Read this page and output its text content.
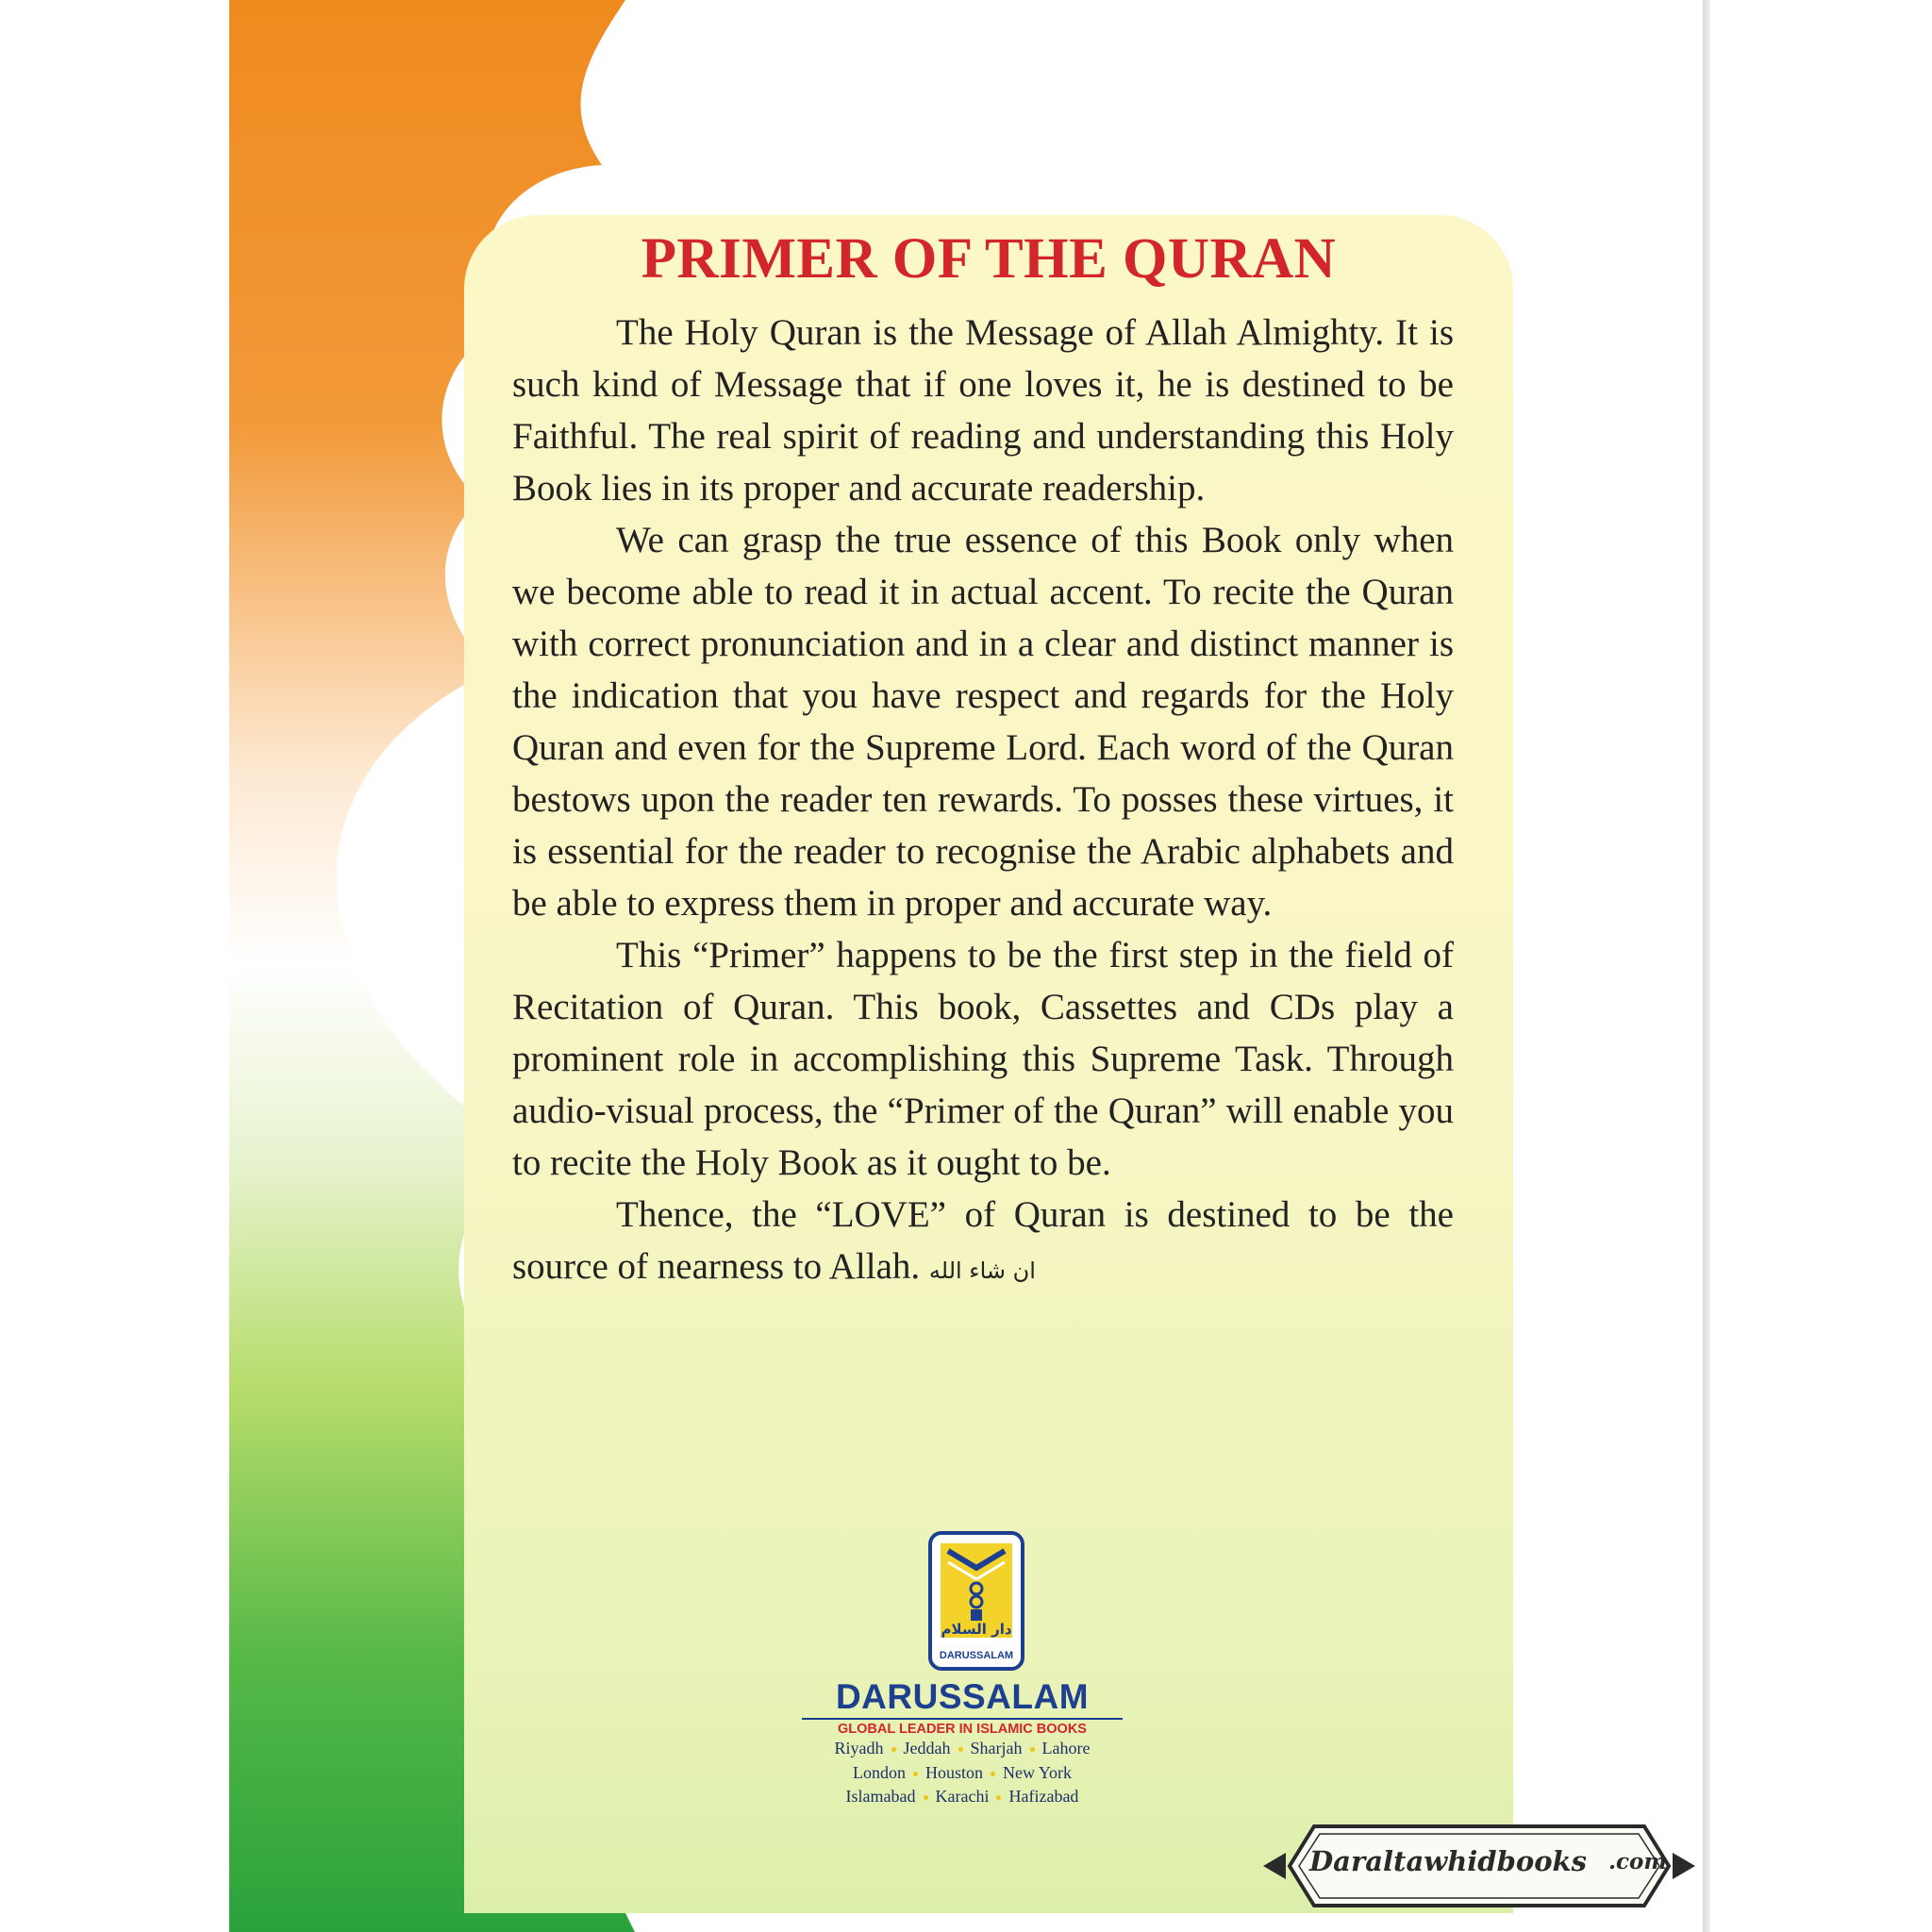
PRIMER OF THE QURAN

The Holy Quran is the Message of Allah Almighty. It is such kind of Message that if one loves it, he is destined to be Faithful. The real spirit of reading and understanding this Holy Book lies in its proper and accurate readership.

We can grasp the true essence of this Book only when we become able to read it in actual accent. To recite the Quran with correct pronunciation and in a clear and distinct manner is the indication that you have respect and regards for the Holy Quran and even for the Supreme Lord. Each word of the Quran bestows upon the reader ten rewards. To posses these virtues, it is essential for the reader to recognise the Arabic alphabets and be able to express them in proper and accurate way.

This “Primer” happens to be the first step in the field of Recitation of Quran. This book, Cassettes and CDs play a prominent role in accomplishing this Supreme Task. Through audio-visual process, the “Primer of the Quran” will enable you to recite the Holy Book as it ought to be.

Thence, the “LOVE” of Quran is destined to be the source of nearness to Allah. ان شاء الله

دار السلام
DARUSSALAM
DARUSSALAM
GLOBAL LEADER IN ISLAMIC BOOKS
Riyadh Jeddah Sharjah Lahore
London Houston New York
Islamabad Karachi Hafizabad
Daraltawhidbooks .com
